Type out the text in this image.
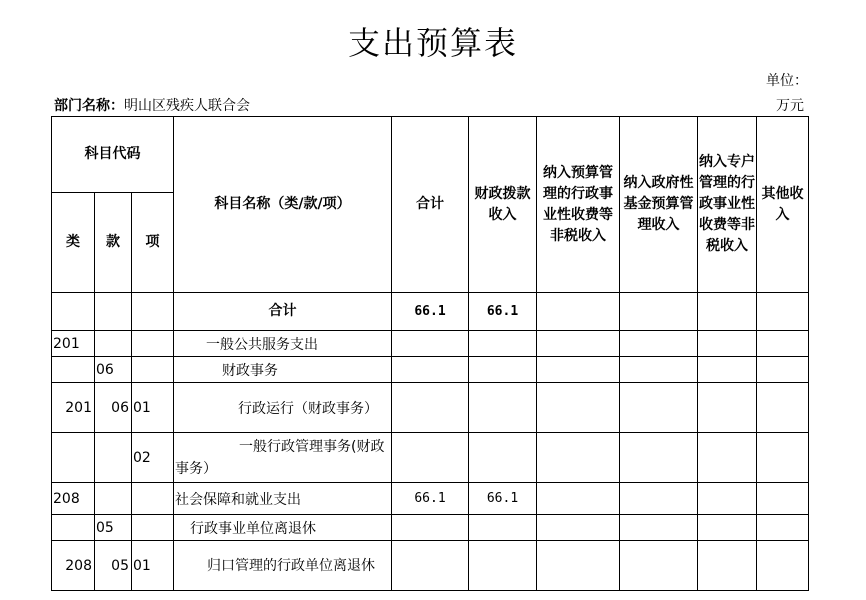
支出预算表
单位：
部门名称：明山区残疾人联合会	万元
科目代码			科目名称（类/款/项）	合计	财政拨款收入	纳入预算管理的行政事业性收费等非税收入	纳入政府性基金预算管理收入	纳入专户管理的行政事业性收费等非税收入	其他收入
类	款	项							
			合计	66.1	66.1				
201			一般公共服务支出						
	06		财政事务						
201	06	01	行政运行（财政事务）						
		02	一般行政管理事务(财政事务）						
208			社会保障和就业支出	66.1	66.1				
	05		行政事业单位离退休						
208	05	01	归口管理的行政单位离退休						
